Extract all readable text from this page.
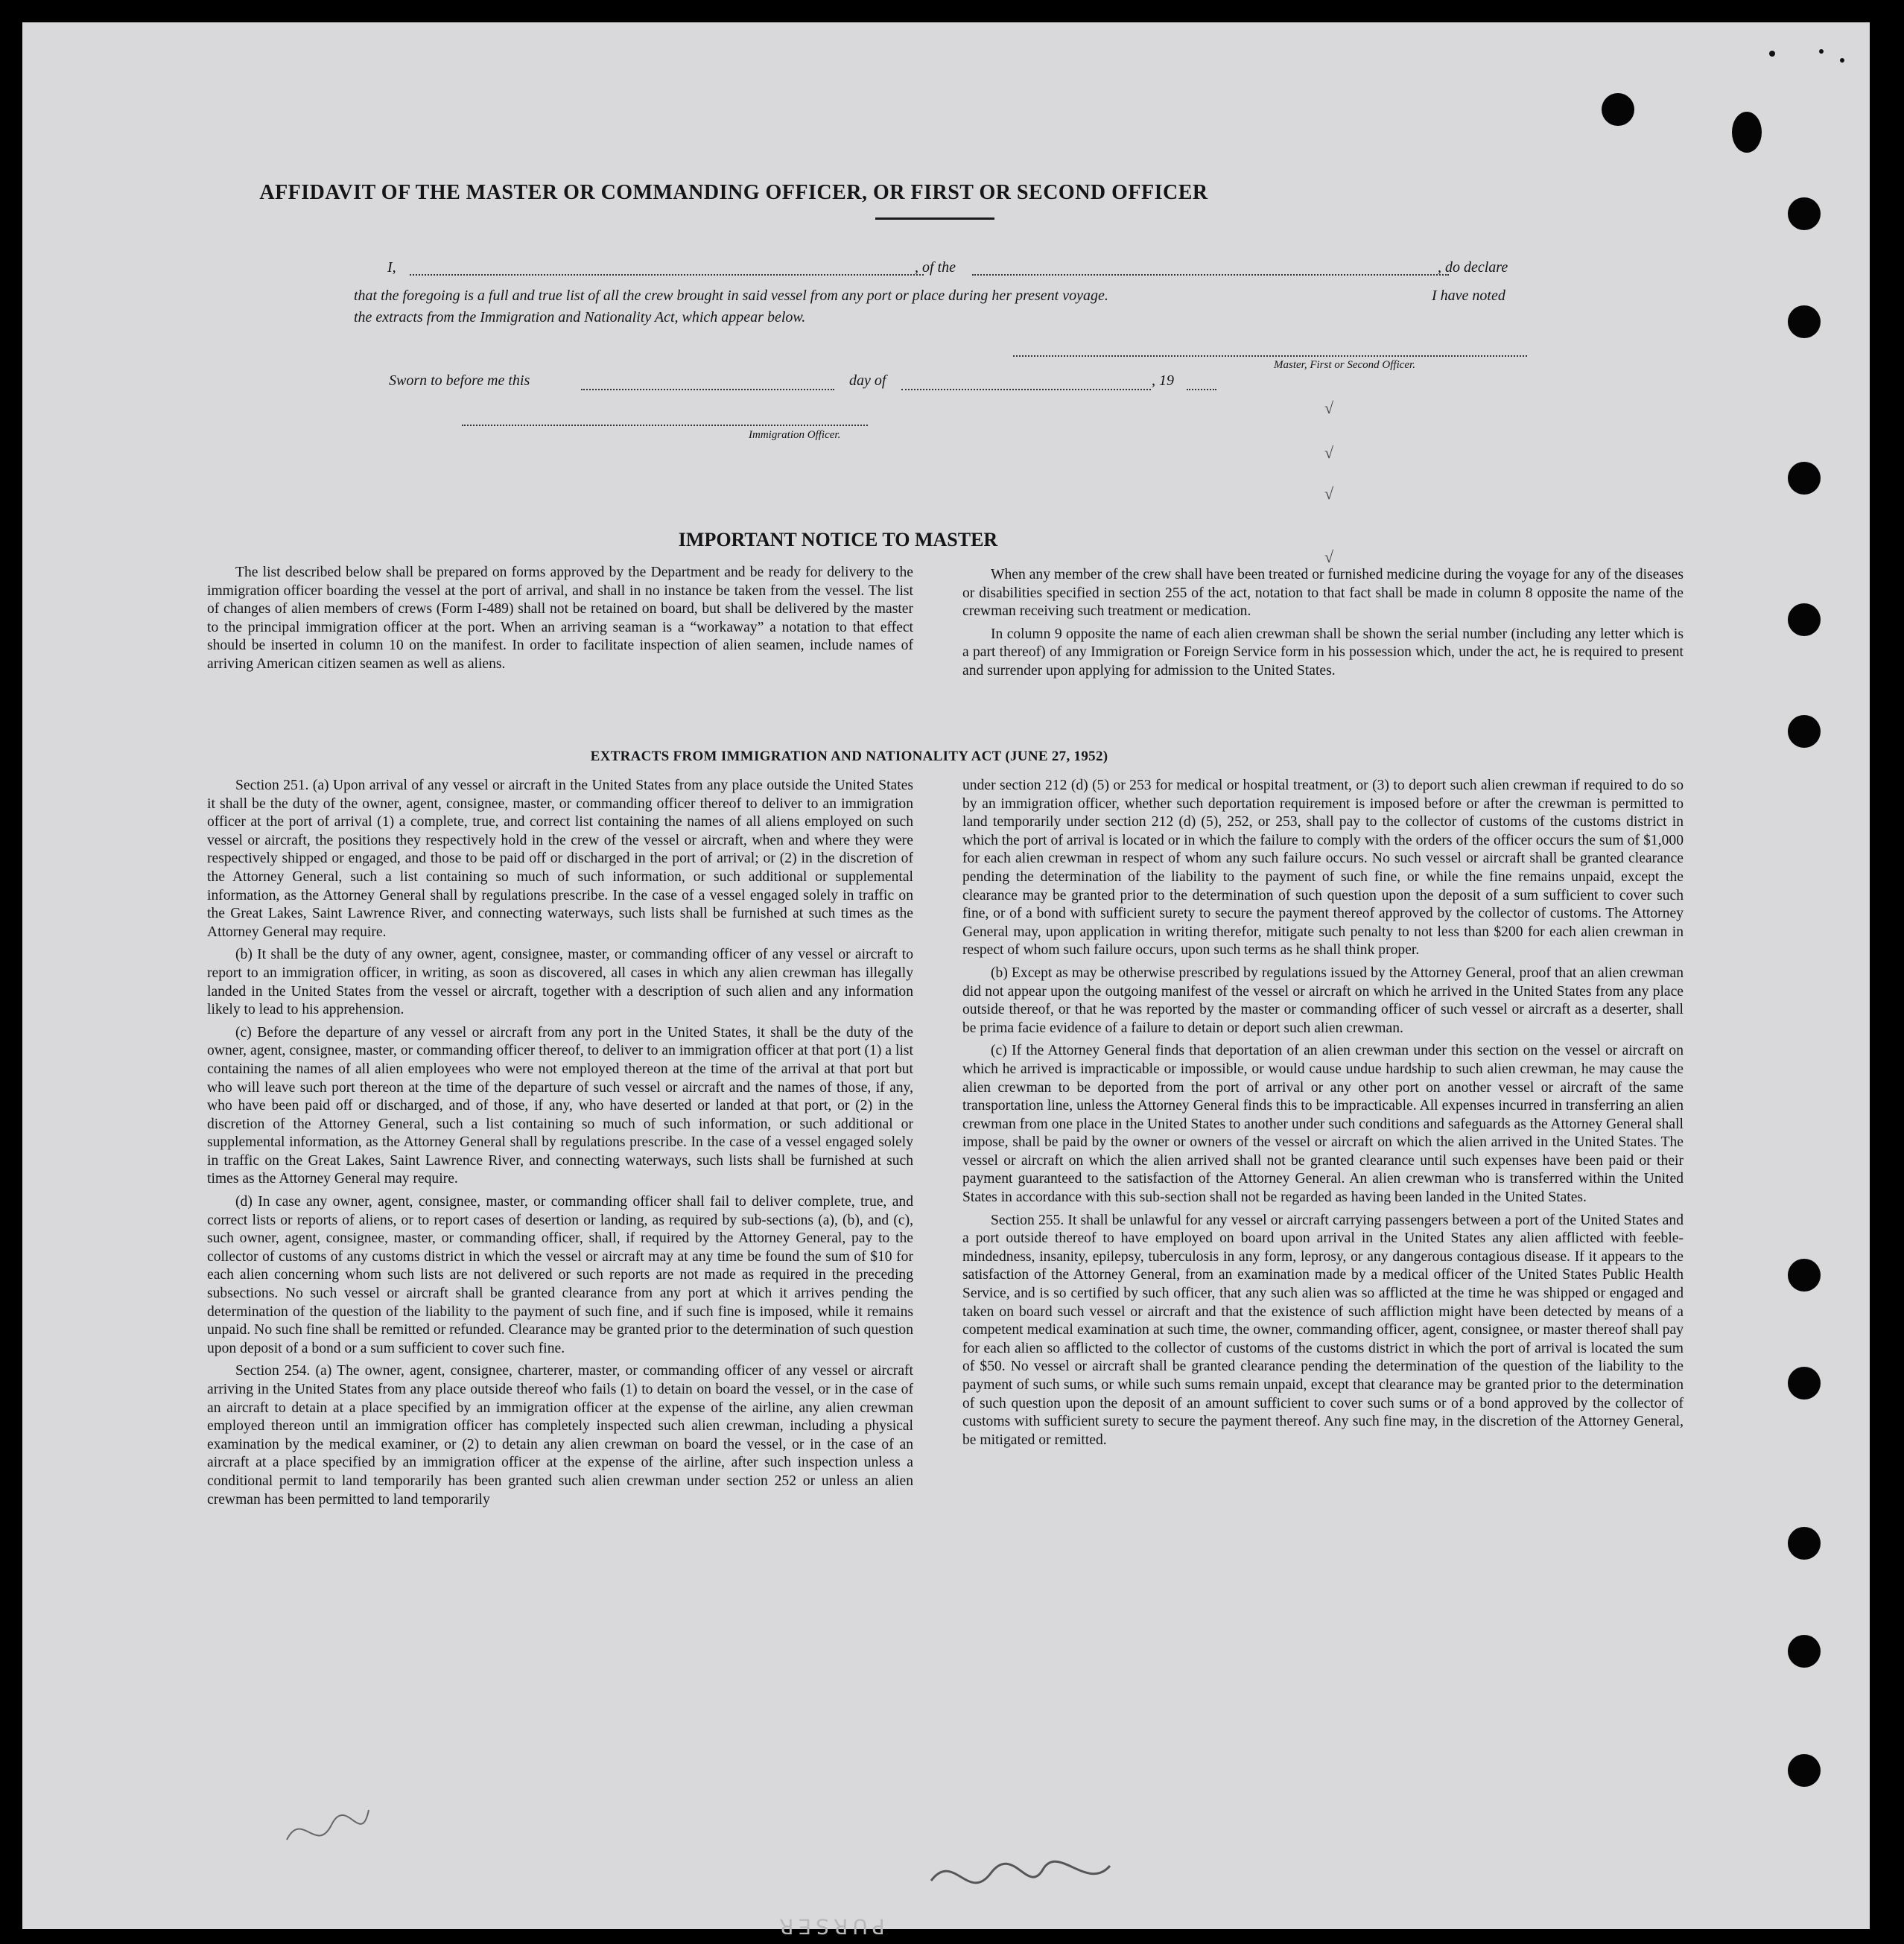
AFFIDAVIT OF THE MASTER OR COMMANDING OFFICER, OR FIRST OR SECOND OFFICER
I,	, of the	, do declare
that the foregoing is a full and true list of all the crew brought in said vessel from any port or place during her present voyage.	I have noted
the extracts from the Immigration and Nationality Act, which appear below.
Master, First or Second Officer.
Sworn to before me this	day of	, 19
Immigration Officer.
IMPORTANT NOTICE TO MASTER

The list described below shall be prepared on forms approved by the Department and be ready for delivery to the immigration officer boarding the vessel at the port of arrival, and shall in no instance be taken from the vessel. The list of changes of alien members of crews (Form I-489) shall not be retained on board, but shall be delivered by the master to the principal immigration officer at the port. When an arriving seaman is a “workaway” a notation to that effect should be inserted in column 10 on the manifest. In order to facilitate inspection of alien seamen, include names of arriving American citizen seamen as well as aliens.

When any member of the crew shall have been treated or furnished medicine during the voyage for any of the diseases or disabilities specified in section 255 of the act, notation to that fact shall be made in column 8 opposite the name of the crewman receiving such treatment or medication.

In column 9 opposite the name of each alien crewman shall be shown the serial number (including any letter which is a part thereof) of any Immigration or Foreign Service form in his possession which, under the act, he is required to present and surrender upon applying for admission to the United States.

EXTRACTS FROM IMMIGRATION AND NATIONALITY ACT (JUNE 27, 1952)

Section 251. (a) Upon arrival of any vessel or aircraft in the United States from any place outside the United States it shall be the duty of the owner, agent, consignee, master, or commanding officer thereof to deliver to an immigration officer at the port of arrival (1) a complete, true, and correct list containing the names of all aliens employed on such vessel or aircraft, the positions they respectively hold in the crew of the vessel or aircraft, when and where they were respectively shipped or engaged, and those to be paid off or discharged in the port of arrival; or (2) in the discretion of the Attorney General, such a list containing so much of such information, or such additional or supplemental information, as the Attorney General shall by regulations prescribe. In the case of a vessel engaged solely in traffic on the Great Lakes, Saint Lawrence River, and connecting waterways, such lists shall be furnished at such times as the Attorney General may require.

(b) It shall be the duty of any owner, agent, consignee, master, or commanding officer of any vessel or aircraft to report to an immigration officer, in writing, as soon as discovered, all cases in which any alien crewman has illegally landed in the United States from the vessel or aircraft, together with a description of such alien and any information likely to lead to his apprehension.

(c) Before the departure of any vessel or aircraft from any port in the United States, it shall be the duty of the owner, agent, consignee, master, or commanding officer thereof, to deliver to an immigration officer at that port (1) a list containing the names of all alien employees who were not employed thereon at the time of the arrival at that port but who will leave such port thereon at the time of the departure of such vessel or aircraft and the names of those, if any, who have been paid off or discharged, and of those, if any, who have deserted or landed at that port, or (2) in the discretion of the Attorney General, such a list containing so much of such information, or such additional or supplemental information, as the Attorney General shall by regulations prescribe. In the case of a vessel engaged solely in traffic on the Great Lakes, Saint Lawrence River, and connecting waterways, such lists shall be furnished at such times as the Attorney General may require.

(d) In case any owner, agent, consignee, master, or commanding officer shall fail to deliver complete, true, and correct lists or reports of aliens, or to report cases of desertion or landing, as required by sub-sections (a), (b), and (c), such owner, agent, consignee, master, or commanding officer, shall, if required by the Attorney General, pay to the collector of customs of any customs district in which the vessel or aircraft may at any time be found the sum of $10 for each alien concerning whom such lists are not delivered or such reports are not made as required in the preceding subsections. No such vessel or aircraft shall be granted clearance from any port at which it arrives pending the determination of the question of the liability to the payment of such fine, and if such fine is imposed, while it remains unpaid. No such fine shall be remitted or refunded. Clearance may be granted prior to the determination of such question upon deposit of a bond or a sum sufficient to cover such fine.

Section 254. (a) The owner, agent, consignee, charterer, master, or commanding officer of any vessel or aircraft arriving in the United States from any place outside thereof who fails (1) to detain on board the vessel, or in the case of an aircraft to detain at a place specified by an immigration officer at the expense of the airline, any alien crewman employed thereon until an immigration officer has completely inspected such alien crewman, including a physical examination by the medical examiner, or (2) to detain any alien crewman on board the vessel, or in the case of an aircraft at a place specified by an immigration officer at the expense of the airline, after such inspection unless a conditional permit to land temporarily has been granted such alien crewman under section 252 or unless an alien crewman has been permitted to land temporarily

under section 212 (d) (5) or 253 for medical or hospital treatment, or (3) to deport such alien crewman if required to do so by an immigration officer, whether such deportation requirement is imposed before or after the crewman is permitted to land temporarily under section 212 (d) (5), 252, or 253, shall pay to the collector of customs of the customs district in which the port of arrival is located or in which the failure to comply with the orders of the officer occurs the sum of $1,000 for each alien crewman in respect of whom any such failure occurs. No such vessel or aircraft shall be granted clearance pending the determination of the liability to the payment of such fine, or while the fine remains unpaid, except the clearance may be granted prior to the determination of such question upon the deposit of a sum sufficient to cover such fine, or of a bond with sufficient surety to secure the payment thereof approved by the collector of customs. The Attorney General may, upon application in writing therefor, mitigate such penalty to not less than $200 for each alien crewman in respect of whom such failure occurs, upon such terms as he shall think proper.

(b) Except as may be otherwise prescribed by regulations issued by the Attorney General, proof that an alien crewman did not appear upon the outgoing manifest of the vessel or aircraft on which he arrived in the United States from any place outside thereof, or that he was reported by the master or commanding officer of such vessel or aircraft as a deserter, shall be prima facie evidence of a failure to detain or deport such alien crewman.

(c) If the Attorney General finds that deportation of an alien crewman under this section on the vessel or aircraft on which he arrived is impracticable or impossible, or would cause undue hardship to such alien crewman, he may cause the alien crewman to be deported from the port of arrival or any other port on another vessel or aircraft of the same transportation line, unless the Attorney General finds this to be impracticable. All expenses incurred in transferring an alien crewman from one place in the United States to another under such conditions and safeguards as the Attorney General shall impose, shall be paid by the owner or owners of the vessel or aircraft on which the alien arrived in the United States. The vessel or aircraft on which the alien arrived shall not be granted clearance until such expenses have been paid or their payment guaranteed to the satisfaction of the Attorney General. An alien crewman who is transferred within the United States in accordance with this sub-section shall not be regarded as having been landed in the United States.

Section 255. It shall be unlawful for any vessel or aircraft carrying passengers between a port of the United States and a port outside thereof to have employed on board upon arrival in the United States any alien afflicted with feeble-mindedness, insanity, epilepsy, tuberculosis in any form, leprosy, or any dangerous contagious disease. If it appears to the satisfaction of the Attorney General, from an examination made by a medical officer of the United States Public Health Service, and is so certified by such officer, that any such alien was so afflicted at the time he was shipped or engaged and taken on board such vessel or aircraft and that the existence of such affliction might have been detected by means of a competent medical examination at such time, the owner, commanding officer, agent, consignee, or master thereof shall pay for each alien so afflicted to the collector of customs of the customs district in which the port of arrival is located the sum of $50. No vessel or aircraft shall be granted clearance pending the determination of the question of the liability to the payment of such sums, or while such sums remain unpaid, except that clearance may be granted prior to the determination of such question upon the deposit of an amount sufficient to cover such sums or of a bond approved by the collector of customs with sufficient surety to secure the payment thereof. Any such fine may, in the discretion of the Attorney General, be mitigated or remitted.

√
√
√
√
PURSER
